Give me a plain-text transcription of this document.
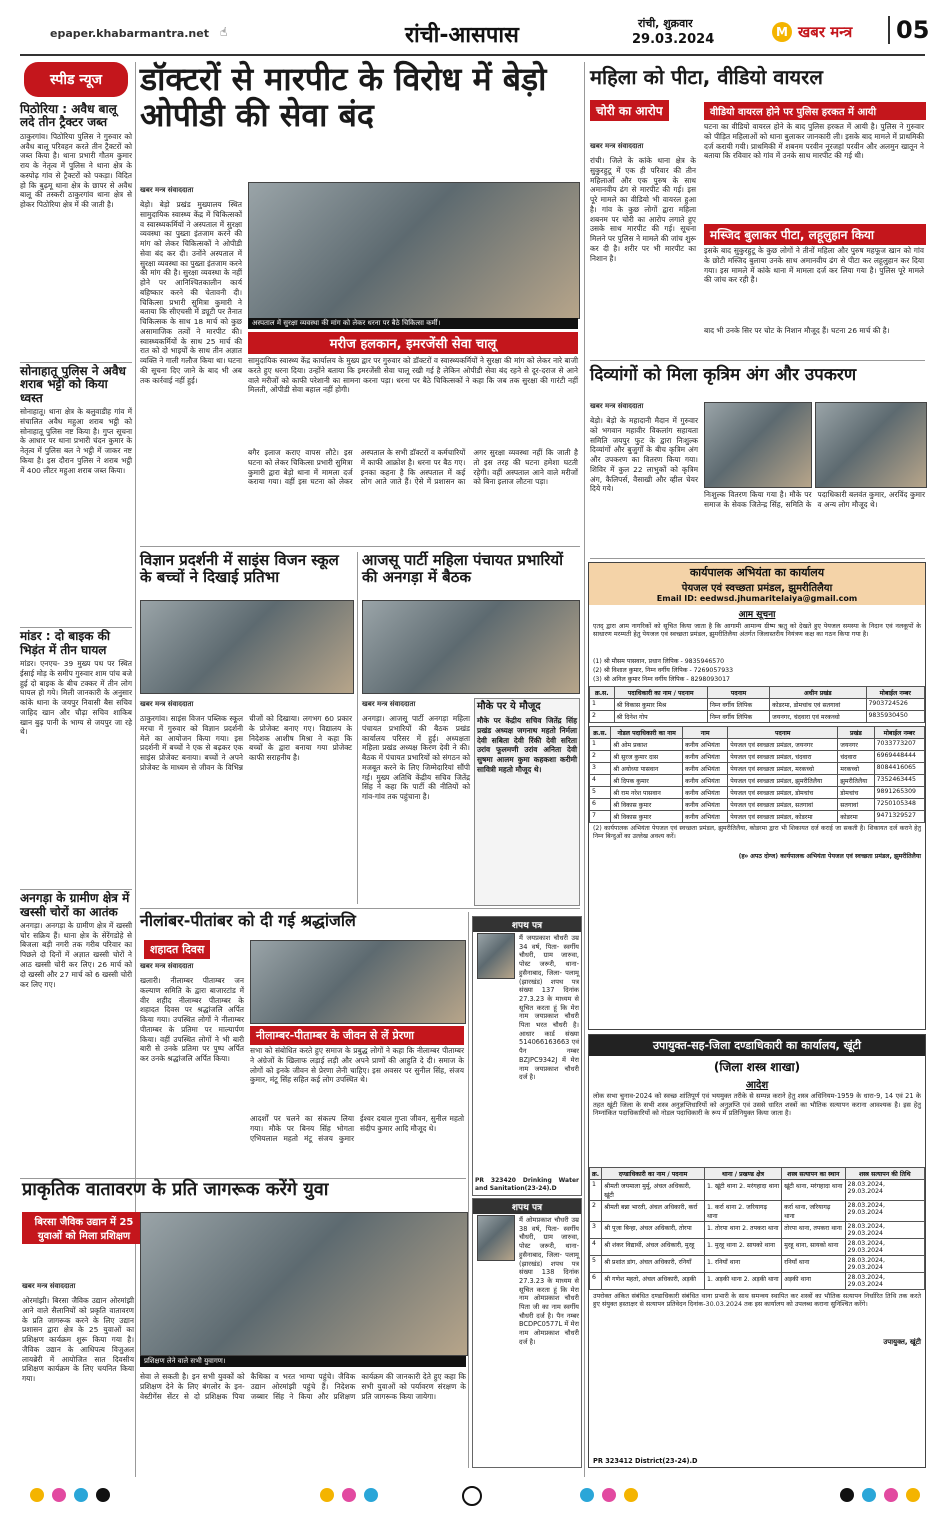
epaper.khabarmantra.net ☝	रांची-आसपास	रांची, शुक्रवार
29.03.2024	M खबर मन्त्र	05
स्पीड न्यूज
पिठोरिया : अवैध बालू लदे तीन ट्रैक्टर जब्त
ठाकुरगांव। पिठोरिया पुलिस ने गुरुवार को अवैध बालू परिवहन करते तीन ट्रैक्टरों को जब्त किया है। थाना प्रभारी गौतम कुमार राय के नेतृत्व में पुलिस ने थाना क्षेत्र के कस्पोढ़ गांव से ट्रैक्टरों को पकड़ा। विदित हो कि बुढ़मू थाना क्षेत्र के छापर से अवैध बालू की तस्करी ठाकुरगांव थाना क्षेत्र से होकर पिठोरिया क्षेत्र में की जाती है।
सोनाहातू पुलिस ने अवैध शराब भट्टी को किया ध्वस्त
सोनाहातू। थाना क्षेत्र के बलुवाडीह गांव में संचालित अवैध महुआ शराब भट्ठी को सोनाहातू पुलिस नष्ट किया है। गुप्त सूचना के आधार पर थाना प्रभारी चंदन कुमार के नेतृत्व में पुलिस बल ने भट्ठी में जाकर नष्ट किया है। इस दौरान पुलिस ने शराब भट्ठी में 400 लीटर महुआ शराब जब्त किया।
मांडर : दो बाइक की भिड़ंत में तीन घायल
मांडर। एनएच- 39 मुख्य पथ पर स्थित ईसाई मोड़ के समीप गुरुवार शाम पांच बजे हुई दो बाइक के बीच टक्कर में तीन लोग घायल हो गये। मिली जानकारी के अनुसार कांके थाना के जयपुर निवासी बैस सचिव जाहिद खान और चौढ़ा सचिव शाकिब खान बुढ़ पानी के भाग्य से जयपुर जा रहे थे।
अनगड़ा के ग्रामीण क्षेत्र में खस्सी चोरों का आतंक
अनगड़ा। अनगड़ा के ग्रामीण क्षेत्र में खस्सी चोर सक्रिय हैं। थाना क्षेत्र के सेरेंगडोहे से बिजला बड़ी नगरी तक गरीब परिवार का पिछले दो दिनों में अज्ञात खस्सी चोरों ने आठ खस्सी चोरी कर लिए। 26 मार्च को दो खस्सी और 27 मार्च को 6 खस्सी चोरी कर लिए गए।
डॉक्टरों से मारपीट के विरोध में बेड़ो ओपीडी की सेवा बंद
खबर मन्त्र संवाददाता
बेड़ो। बेड़ो प्रखंड मुख्यालय स्थित सामुदायिक स्वास्थ्य केंद्र में चिकित्सकों व स्वास्थ्यकर्मियों ने अस्पताल में सुरक्षा व्यवस्था का पुख्ता इंतजाम करने की मांग को लेकर चिकित्सकों ने ओपीडी सेवा बंद कर दी। उनोंने अस्पताल में सुरक्षा व्यवस्था का पुख्ता इंतजाम करने की मांग की है। सुरक्षा व्यवस्था के नहीं होने पर आनिश्चितकालीन कार्य बहिष्कार करने की चेतावनी दी। चिकित्सा प्रभारी सुमित्रा कुमारी ने बताया कि सीएचसी में ड्यूटी पर तैनात चिकित्सक के साथ 18 मार्च को कुछ असामाजिक तत्वों ने मारपीट की। स्वास्थ्यकर्मियों के साथ 25 मार्च की रात को दो भाइयों के साथ तीन अज्ञात व्यक्ति ने गाली गलौज किया था। घटना की सूचना दिए जाने के बाद भी अब तक कार्रवाई नहीं हुई।
अस्पताल में सुरक्षा व्यवस्था की मांग को लेकर धरना पर बैठे चिकित्सा कर्मी।
मरीज हलकान, इमरजेंसी सेवा चालू
सामुदायिक स्वास्थ्य केंद्र कार्यालय के मुख्य द्वार पर गुरुवार को डॉक्टरों व स्वास्थ्यकर्मियों ने सुरक्षा की मांग को लेकर नारे बाजी करते हुए धरना दिया। उन्होंने बताया कि इमरजेंसी सेवा चालू रखी गई है लेकिन ओपीडी सेवा बंद रहने से दूर-दराज से आने वाले मरीजों को काफी परेशानी का सामना करना पड़ा। धरना पर बैठे चिकित्सकों ने कहा कि जब तक सुरक्षा की गारंटी नहीं मिलती, ओपीडी सेवा बहाल नहीं होगी।
बगैर इलाज कराए वापस लौटे। इस घटना को लेकर चिकित्सा प्रभारी सुमित्रा कुमारी द्वारा बेड़ो थाना में मामला दर्ज कराया गया। वहीं इस घटना को लेकर अस्पताल के सभी डॉक्टरों व कर्मचारियों में काफी आक्रोश है। धरना पर बैठ गए। इनका कहना है कि अस्पताल में कई लोग आते जाते हैं। ऐसे में प्रशासन का अगर सुरक्षा व्यवस्था नहीं कि जाती है तो इस तरह की घटना हमेशा घटती रहेगी। वहीं अस्पताल आने वाले मरीजों को बिना इलाज लौटना पड़ा।
महिला को पीटा, वीडियो वायरल
चोरी का आरोप
खबर मन्त्र संवाददाता
रांची। जिले के कांके थाना क्षेत्र के सुकुरहुटू में एक ही परिवार की तीन महिलाओं और एक पुरुष के साथ अमानवीय ढंग से मारपीट की गई। इस पूरे मामले का वीडियो भी वायरल हुआ है। गांव के कुछ लोगों द्वारा महिला शबनम पर चोरी का आरोप लगाते हुए उसके साथ मारपीट की गई। सूचना मिलने पर पुलिस ने मामले की जांच शुरू कर दी है। शरीर पर भी मारपीट का निशान है।
वीडियो वायरल होने पर पुलिस हरकत में आयी
घटना का वीडियो वायरल होने के बाद पुलिस हरकत में आयी है। पुलिस ने गुरुवार को पीड़ित महिलाओं को थाना बुलाकर जानकारी ली। इसके बाद मामले में प्राथमिकी दर्ज करायी गयी। प्राथमिकी में शबनम परवीन नूरजहां परवीन और अलमुन खातून ने बताया कि रविवार को गांव में उनके साथ मारपीट की गई थी।
मस्जिद बुलाकर पीटा, लहूलुहान किया
इसके बाद सुकुरहुटू के कुछ लोगों ने तीनों महिला और पुरुष महफूज खान को गांव के छोटी मस्जिद बुलाया उनके साथ अमानवीय ढंग से पीटा कर लहूलुहान कर दिया गया। इस मामले में कांके थाना में मामला दर्ज कर लिया गया है। पुलिस पूरे मामले की जांच कर रही है।
बाद भी उनके सिर पर चोट के निशान मौजूद हैं। घटना 26 मार्च की है।
दिव्यांगों को मिला कृत्रिम अंग और उपकरण
खबर मन्त्र संवाददाता
बेड़ो। बेड़ो के महादानी मैदान में गुरुवार को भगवान महावीर विकलांग सहायता समिति जयपुर फुट के द्वारा निःशुल्क दिव्यांगों और बुजुर्गों के बीच कृत्रिम अंग और उपकरण का वितरण किया गया। शिविर में कुल 22 लाभुकों को कृत्रिम अंग, कैलिपर्स, वैसाखी और व्हील चेयर दिये गये।
निःशुल्क वितरण किया गया है। मौके पर समाज के सेवक जितेन्द्र सिंह, समिति के पदाधिकारी बलवंत कुमार, अरविंद कुमार व अन्य लोग मौजूद थे।
विज्ञान प्रदर्शनी में साइंस विजन स्कूल के बच्चों ने दिखाई प्रतिभा
खबर मन्त्र संवाददाता
ठाकुरगांव। साइंस विजन पब्लिक स्कूल मरचा में गुरुवार को विज्ञान प्रदर्शनी मेले का आयोजन किया गया। इस प्रदर्शनी में बच्चों ने एक से बढ़कर एक साइंस प्रोजेक्ट बनाया। बच्चों ने अपने प्रोजेक्ट के माध्यम से जीवन के विभिन्न चीजों को दिखाया। लगभग 60 प्रकार के प्रोजेक्ट बनाए गए। विद्यालय के निदेशक आशीष मिश्रा ने कहा कि बच्चों के द्वारा बनाया गया प्रोजेक्ट काफी सराहनीय है।
आजसू पार्टी महिला पंचायत प्रभारियों की अनगड़ा में बैठक
खबर मन्त्र संवाददाता
अनगड़ा। आजसू पार्टी अनगड़ा महिला पंचायत प्रभारियों की बैठक प्रखंड कार्यालय परिसर में हुई। अध्यक्षता महिला प्रखंड अध्यक्ष किरण देवी ने की। बैठक में पंचायत प्रभारियों को संगठन को मजबूत करने के लिए जिम्मेदारियां सौंपी गई। मुख्य अतिथि केंद्रीय सचिव जितेंद्र सिंह ने कहा कि पार्टी की नीतियों को गांव-गांव तक पहुंचाना है।
मौके पर ये मौजूद
मौके पर केंद्रीय सचिव जितेंद्र सिंह प्रखंड अध्यक्ष जगनाथ महतो निर्मला देवी सबिता देवी रिंकी देवी सरिता उरांव फूलमणी उरांव अनिता देवी सुषमा आलम कुमा कहकशा करीमी सावित्री महतो मौजूद थे।
नीलांबर-पीतांबर को दी गई श्रद्धांजलि
शहादत दिवस
खबर मन्त्र संवाददाता
खलारी। नीलाम्बर पीताम्बर जन कल्याण समिति के द्वारा बाजारटांड में वीर शहीद नीलाम्बर पीताम्बर के शहादत दिवस पर श्रद्धांजलि अर्पित किया गया। उपस्थित लोगों ने नीलाम्बर पीताम्बर के प्रतिमा पर माल्यार्पण किया। वहीं उपस्थित लोगों ने भी बारी बारी से उनके प्रतिमा पर पुष्प अर्पित कर उनके श्रद्धांजलि अर्पित किया।
नीलाम्बर-पीताम्बर के जीवन से लें प्रेरणा
सभा को संबोधित करते हुए समाज के प्रबुद्ध लोगों ने कहा कि नीलाम्बर पीताम्बर ने अंग्रेजों के खिलाफ लड़ाई लड़ी और अपने प्राणों की आहुति दे दी। समाज के लोगों को इनके जीवन से प्रेरणा लेनी चाहिए। इस अवसर पर सुनील सिंह, संजय कुमार, मंटू सिंह सहित कई लोग उपस्थित थे।
आदर्शों पर चलने का संकल्प लिया गया। मौके पर बिनय सिंह भोगता एभियलाल महतो मंटू संजय कुमार ईश्वर दयाल गुप्ता जीवन, सुनील महतो संदीप कुमार आदि मौजूद थे।
शपथ पत्र
मैं जयप्रकाश चौधरी उम्र 34 वर्ष, पिता- स्वर्गीय चौधरी, ग्राम जारुवा, पोस्ट जरूरी, थाना- हुसैनाबाद, जिला- पलामू (झारखंड) शपथ पत्र संख्या 137 दिनांक 27.3.23 के माध्यम से सूचित करता हूं कि मेरा नाम जयप्रकाश चौधरी पिता भरत चौधरी है। आधार कार्ड संख्या 514066163663 एवं पैन नम्बर BZJPC9342J में मेरा नाम जयप्रकाश चौधरी दर्ज है।
PR 323420 Drinking Water and Sanitation(23-24).D
शपथ पत्र
मैं ओमप्रकाश चौधरी उम्र 38 वर्ष, पिता- स्वर्गीय चौधरी, ग्राम जारुवा, पोस्ट जरूरी, थाना- हुसैनाबाद, जिला- पलामू (झारखंड) शपथ पत्र संख्या 138 दिनांक 27.3.23 के माध्यम से सूचित करता हूं कि मेरा नाम ओमप्रकाश चौधरी पिता जी का नाम स्वर्गीय चौधरी दर्ज है। पैन नम्बर BCDPC0577L में मेरा नाम ओमप्रकाश चौधरी दर्ज है।
प्राकृतिक वातावरण के प्रति जागरूक करेंगे युवा
बिरसा जैविक उद्यान में 25 युवाओं को मिला प्रशिक्षण
खबर मन्त्र संवाददाता
ओरमांझी। बिरसा जैविक उद्यान ओरमांझी आने वाले सैलानियों को प्रकृति वातावरण के प्रति जागरूक करने के लिए उद्यान प्रशासन द्वारा क्षेत्र के 25 युवाओं का प्रशिक्षण कार्यक्रम शुरू किया गया है। जैविक उद्यान के आधिपत्य विजुअल लायब्रेरी में आयोजित सात दिवसीय प्रशिक्षण कार्यक्रम के लिए चयनित किया गया।
प्रशिक्षण लेने वाले सभी युवागण।
सेवा ले सकती है। इन सभी युवकों को प्रशिक्षण देने के लिए बंगलोर के इन-वेस्टीगेंस सेंटर से दो प्रशिक्षक पिया कैथिका व भरत भाग्या पहुंचे। जैविक उद्यान ओरमांझी पहुंचे हैं। निदेशक जब्बार सिंह ने किया और प्रशिक्षण कार्यक्रम की जानकारी देते हुए कहा कि सभी युवाओं को पर्यावरण संरक्षण के प्रति जागरूक किया जायेगा।
कार्यपालक अभियंता का कार्यालय
पेयजल एवं स्वच्छता प्रमंडल, झुमरीतिलैया
Email ID: eedwsd.jhumaritelaiya@gmail.com
आम सूचना
एतद् द्वारा आम नागरिकों को सूचित किया जाता है कि आगामी आमान्य ग्रीष्म ऋतु को देखते हुए पेयजल समस्या के निदान एवं नलकूपों के साधारण मरम्मती हेतु पेयजल एवं स्वच्छता प्रमंडल, झुमरीतिलैया अंतर्गत जिलास्तरीय नियंत्रण कक्ष का गठन किया गया है।
(1) श्री मौसम पासवान, प्रधान लिपिक - 9835946570
(2) श्री विशाल कुमार, निम्न वर्गीय लिपिक - 7269057933
(3) श्री अनिल कुमार निम्न वर्गीय लिपिक - 8298093017
क्र.स.	पदाधिकारी का नाम / पदनाम	पदनाम	अधीन प्रखंड	मोबाईल नम्बर
1	श्री विकास कुमार मिश्र	निम्न वर्गीय लिपिक	कोडरमा, डोमचांच एवं सतगावां	7903724526
2	श्री दिनेश गोप	निम्न वर्गीय लिपिक	जयनगर, चंदवारा एवं मरकच्चो	9835930450
क्र.स.	नोडल पदाधिकारी का नाम	नाम	पदनाम	प्रखंड	मोबाईल नम्बर
1	श्री ओम प्रकाश	कनीय अभियंता	पेयजल एवं स्वच्छता प्रमंडल, जयनगर	जयनगर	7033773207
2	श्री सुरज कुमार दास	कनीय अभियंता	पेयजल एवं स्वच्छता प्रमंडल, चंदवारा	चंदवारा	6969448444
3	श्री अयोध्या पासवान	कनीय अभियंता	पेयजल एवं स्वच्छता प्रमंडल, मरकच्चो	मरकच्चो	8084416065
4	श्री दिपक कुमार	कनीय अभियंता	पेयजल एवं स्वच्छता प्रमंडल, झुमरीतिलैया	झुमरीतिलैया	7352463445
5	श्री राम नरेश पासवान	कनीय अभियंता	पेयजल एवं स्वच्छता प्रमंडल, डोमचांच	डोमचांच	9891265309
6	श्री विकास कुमार	कनीय अभियंता	पेयजल एवं स्वच्छता प्रमंडल, सतगावां	सतगावां	7250105348
7	श्री विकास कुमार	कनीय अभियंता	पेयजल एवं स्वच्छता प्रमंडल, कोडरमा	कोडरमा	9471329527
(2) कार्यपालक अभियंता पेयजल एवं स्वच्छता प्रमंडल, झुमरीतिलैया, कोडरमा द्वारा भी शिकायत दर्ज कराई जा सकती है। शिकायत दर्ज कराने हेतु निम्न बिन्दुओं का उल्लेख अवश्य करें।
(ह० अपठ दोग्ज) कार्यपालक अभियंता पेयजल एवं स्वच्छता प्रमंडल, झुमरीतिलैया
उपायुक्त-सह-जिला दण्डाधिकारी का कार्यालय, खूंटी
(जिला शस्त्र शाखा)
आदेश
लोक सभा चुनाव-2024 को स्वच्छ शांतिपूर्ण एवं भयमुक्त तरीके से सम्पन्न कराने हेतु शस्त्र अधिनियम-1959 के धारा-9, 14 एवं 21 के तहत खूंटी जिला के सभी शस्त्र अनुज्ञप्तिधारियों को अनुज्ञप्ति एवं उससे धारित शस्त्रों का भौतिक सत्यापन कराना आवश्यक है। इस हेतु निम्नांकित पदाधिकारियों को नोडल पदाधिकारी के रूप में प्रतिनियुक्त किया जाता है।
क्र.	दण्डाधिकारी का नाम / पदनाम	थाना / प्रखण्ड क्षेत्र	शस्त्र सत्यापन का स्थान	शस्त्र सत्यापन की तिथि
1	श्रीमती जयमाला मुर्मू, अंचल अधिकारी, खूंटी	1. खूंटी थाना 2. मरंगहादा थाना	खूंटी थाना, मरंगहादा थाना	28.03.2024, 29.03.2024
2	श्रीमती बन्ना भारती, अंचल अधिकारी, कर्रा	1. कर्रा थाना 2. जरियागढ़ थाना	कर्रा थाना, जरियागढ़ थाना	28.03.2024, 29.03.2024
3	श्री पूजा बिन्हा, अंचल अधिकारी, तोरपा	1. तोरपा थाना 2. तपकरा थाना	तोरपा थाना, तपकरा थाना	28.03.2024, 29.03.2024
4	श्री शंकर विद्यार्थी, अंचल अधिकारी, मुरहू	1. मुरहू थाना 2. सायको थाना	मुरहू थाना, सायको थाना	28.03.2024, 29.03.2024
5	श्री प्रशांत डांग, अंचल अधिकारी, रनियाँ	1. रनियाँ थाना	रनियाँ थाना	28.03.2024, 29.03.2024
6	श्री गणेश महतो, अंचल अधिकारी, अड़की	1. अड़की थाना 2. अड़की थाना	अड़की थाना	28.03.2024, 29.03.2024
उपरोक्त अंकित संबंधित दण्डाधिकारी संबंधित थाना प्रभारी के साथ समन्वय स्थापित कर शस्त्रों का भौतिक सत्यापन निर्धारित तिथि तक करते हुए संयुक्त हस्ताक्षर से सत्यापन प्रतिवेदन दिनांक-30.03.2024 तक इस कार्यालय को उपलब्ध कराना सुनिश्चित करेंगे।
उपायुक्त, खूंटी
PR 323412 District(23-24).D
